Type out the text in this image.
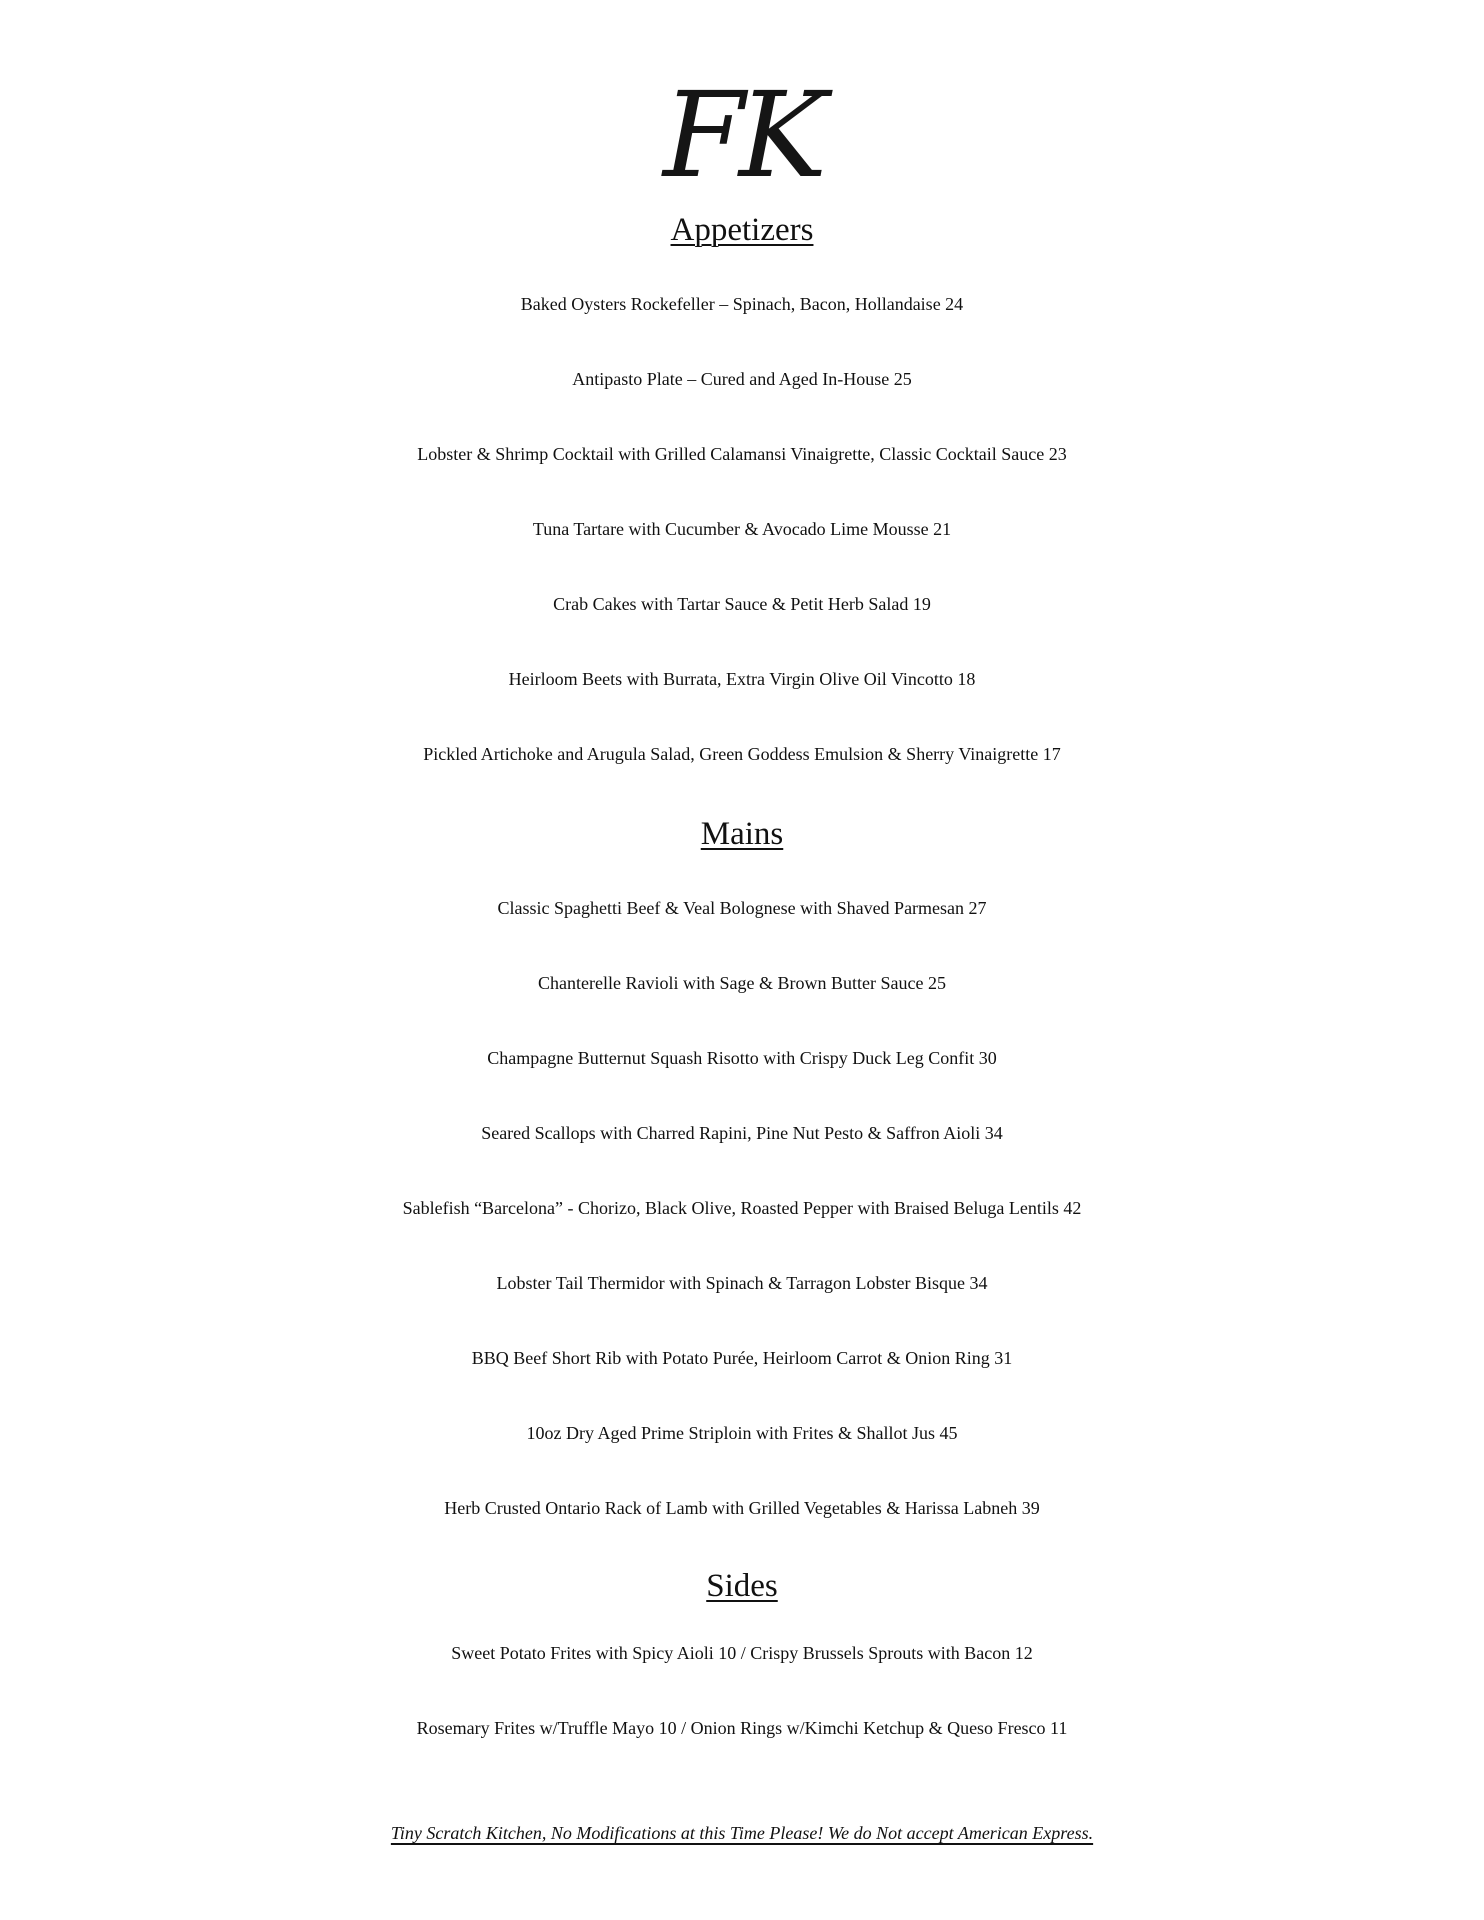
FK
Appetizers
Baked Oysters Rockefeller – Spinach, Bacon, Hollandaise 24
Antipasto Plate – Cured and Aged In-House 25
Lobster & Shrimp Cocktail with Grilled Calamansi Vinaigrette, Classic Cocktail Sauce 23
Tuna Tartare with Cucumber & Avocado Lime Mousse 21
Crab Cakes with Tartar Sauce & Petit Herb Salad 19
Heirloom Beets with Burrata, Extra Virgin Olive Oil Vincotto 18
Pickled Artichoke and Arugula Salad, Green Goddess Emulsion & Sherry Vinaigrette 17
Mains
Classic Spaghetti Beef & Veal Bolognese with Shaved Parmesan 27
Chanterelle Ravioli with Sage & Brown Butter Sauce 25
Champagne Butternut Squash Risotto with Crispy Duck Leg Confit 30
Seared Scallops with Charred Rapini, Pine Nut Pesto & Saffron Aioli 34
Sablefish “Barcelona” - Chorizo, Black Olive, Roasted Pepper with Braised Beluga Lentils 42
Lobster Tail Thermidor with Spinach & Tarragon Lobster Bisque 34
BBQ Beef Short Rib with Potato Purée, Heirloom Carrot & Onion Ring 31
10oz Dry Aged Prime Striploin with Frites & Shallot Jus 45
Herb Crusted Ontario Rack of Lamb with Grilled Vegetables & Harissa Labneh 39
Sides
Sweet Potato Frites with Spicy Aioli 10 / Crispy Brussels Sprouts with Bacon 12
Rosemary Frites w/Truffle Mayo 10 / Onion Rings w/Kimchi Ketchup & Queso Fresco 11
Tiny Scratch Kitchen, No Modifications at this Time Please! We do Not accept American Express.
